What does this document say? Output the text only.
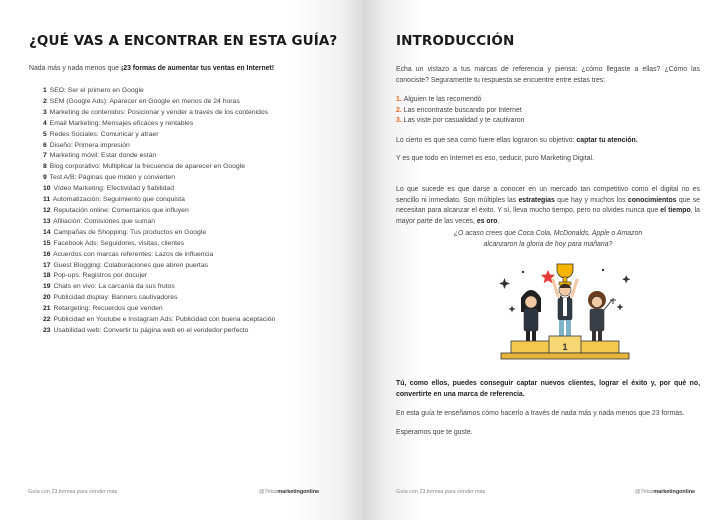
¿QUÉ VAS A ENCONTRAR EN ESTA GUÍA?

Nada más y nada menos que ¡23 formas de aumentar tus ventas en Internet!

1 SEO: Ser el primero en Google
2 SEM (Google Ads): Aparecer en Google en menos de 24 horas
3 Marketing de contenidos: Posicionar y vender a través de los contenidos
4 Email Marketing: Mensajes eficaces y rentables
5 Redes Sociales: Comunicar y atraer
6 Diseño: Primera impresión
7 Marketing móvil: Estar donde están
8 Blog corporativo: Multiplicar la frecuencia de aparecer en Google
9 Test A/B: Páginas que miden y convierten
10 Vídeo Marketing: Efectividad y fiabilidad
11 Automatización: Seguimiento que conquista
12 Reputación online: Comentarios que influyen
13 Afiliación: Comisiones que suman
14 Campañas de Shopping: Tus productos en Google
15 Facebook Ads: Seguidores, visitas, clientes
16 Acuerdos con marcas referentes: Lazos de influencia
17 Guest Blogging: Colaboraciones que abren puertas
18 Pop-ups: Registros por docujer
19 Chats en vivo: La carcanía da sus frutos
20 Publicidad display: Banners cautivadores
21 Retargeting: Recuerdos que venden
22 Publicidad en Youtube e Instagram Ads: Publicidad con buena aceptación
23 Usabilidad web: Convertir tu página web en el vendedor perfecto
Guía con 23 formas para vender más	@7ebizmarketingonline
INTRODUCCIÓN

Echa un vistazo a tus marcas de referencia y piensa: ¿cómo llegaste a ellas? ¿Cómo las conociste? Seguramente tu respuesta se encuentre entre estas tres:

1. Alguien te las recomendó
2. Las encontraste buscando por Internet
3. Las viste por casualidad y te cautivaron

Lo cierto es que sea como fuere ellas lograron su objetivo: captar tu atención.

Y es que todo en Internet es eso, seducir, puro Marketing Digital.

Lo que sucede es que darse a conocer en un mercado tan competitivo como el digital no es sencillo ni inmediato. Son múltiples las estrategias que hay y muchos los conocimientos que se necesitan para alcanzar el éxito. Y sí, lleva mucho tiempo, pero no olvides nunca que el tiempo, la mayor parte de las veces, es oro.

¿O acaso crees que Coca Cola, McDonalds, Apple o Amazon
alcanzaron la gloria de hoy para mañana?

1

Tú, como ellos, puedes conseguir captar nuevos clientes, lograr el éxito y, por qué no, convertirte en una marca de referencia.

En esta guía te enseñamos cómo hacerlo a través de nada más y nada menos que 23 formas.

Esperamos que te guste.

Guía con 23 formas para vender más	@7ebizmarketingonline
